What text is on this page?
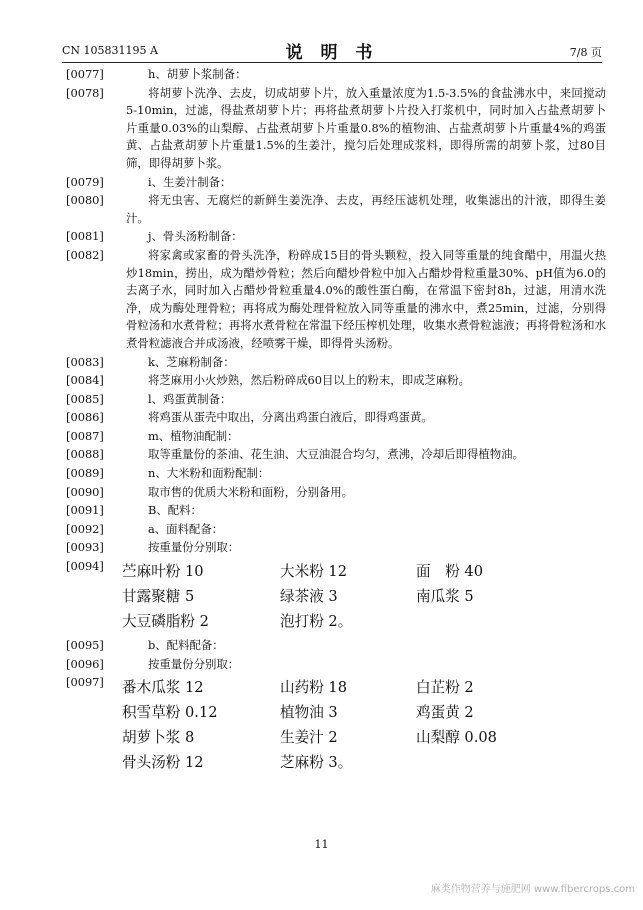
CN 105831195 A	说 明 书	7/8 页
[0077]	h、胡萝卜浆制备：
[0078]	将胡萝卜洗净、去皮，切成胡萝卜片，放入重量浓度为1.5-3.5%的食盐沸水中，来回搅动5-10min，过滤，得盐煮胡萝卜片；再将盐煮胡萝卜片投入打浆机中，同时加入占盐煮胡萝卜片重量0.03%的山梨醇、占盐煮胡萝卜片重量0.8%的植物油、占盐煮胡萝卜片重量4%的鸡蛋黄、占盐煮胡萝卜片重量1.5%的生姜汁，搅匀后处理成浆料，即得所需的胡萝卜浆，过80目筛，即得胡萝卜浆。
[0079]	i、生姜汁制备：
[0080]	将无虫害、无腐烂的新鲜生姜洗净、去皮，再经压滤机处理，收集滤出的汁液，即得生姜汁。
[0081]	j、骨头汤粉制备：
[0082]	将家禽或家畜的骨头洗净，粉碎成15目的骨头颗粒，投入同等重量的纯食醋中，用温火热炒18min，捞出，成为醋炒骨粒；然后向醋炒骨粒中加入占醋炒骨粒重量30%、pH值为6.0的去离子水，同时加入占醋炒骨粒重量4.0%的酸性蛋白酶，在常温下密封8h，过滤，用清水洗净，成为酶处理骨粒；再将成为酶处理骨粒放入同等重量的沸水中，煮25min，过滤，分别得骨粒汤和水煮骨粒；再将水煮骨粒在常温下经压榨机处理，收集水煮骨粒滤液；再将骨粒汤和水煮骨粒滤液合并成汤液，经喷雾干燥，即得骨头汤粉。
[0083]	k、芝麻粉制备：
[0084]	将芝麻用小火炒熟，然后粉碎成60目以上的粉末，即成芝麻粉。
[0085]	l、鸡蛋黄制备：
[0086]	将鸡蛋从蛋壳中取出，分离出鸡蛋白液后，即得鸡蛋黄。
[0087]	m、植物油配制：
[0088]	取等重量份的茶油、花生油、大豆油混合均匀，煮沸，冷却后即得植物油。
[0089]	n、大米粉和面粉配制：
[0090]	取市售的优质大米粉和面粉，分别备用。
[0091]	B、配料：
[0092]	a、面料配备：
[0093]	按重量份分别取：
[0094] 苎麻叶粉 10	大米粉 12	面　粉 40
甘露聚糖 5	绿茶液 3	南瓜浆 5
大豆磷脂粉 2	泡打粉 2。
[0095]	b、配料配备：
[0096]	按重量份分别取：
[0097] 番木瓜浆 12	山药粉 18	白芷粉 2
积雪草粉 0.12	植物油 3	鸡蛋黄 2
胡萝卜浆 8	生姜汁 2	山梨醇 0.08
骨头汤粉 12	芝麻粉 3。
11
麻类作物营养与施肥网 www.fibercrops.com
